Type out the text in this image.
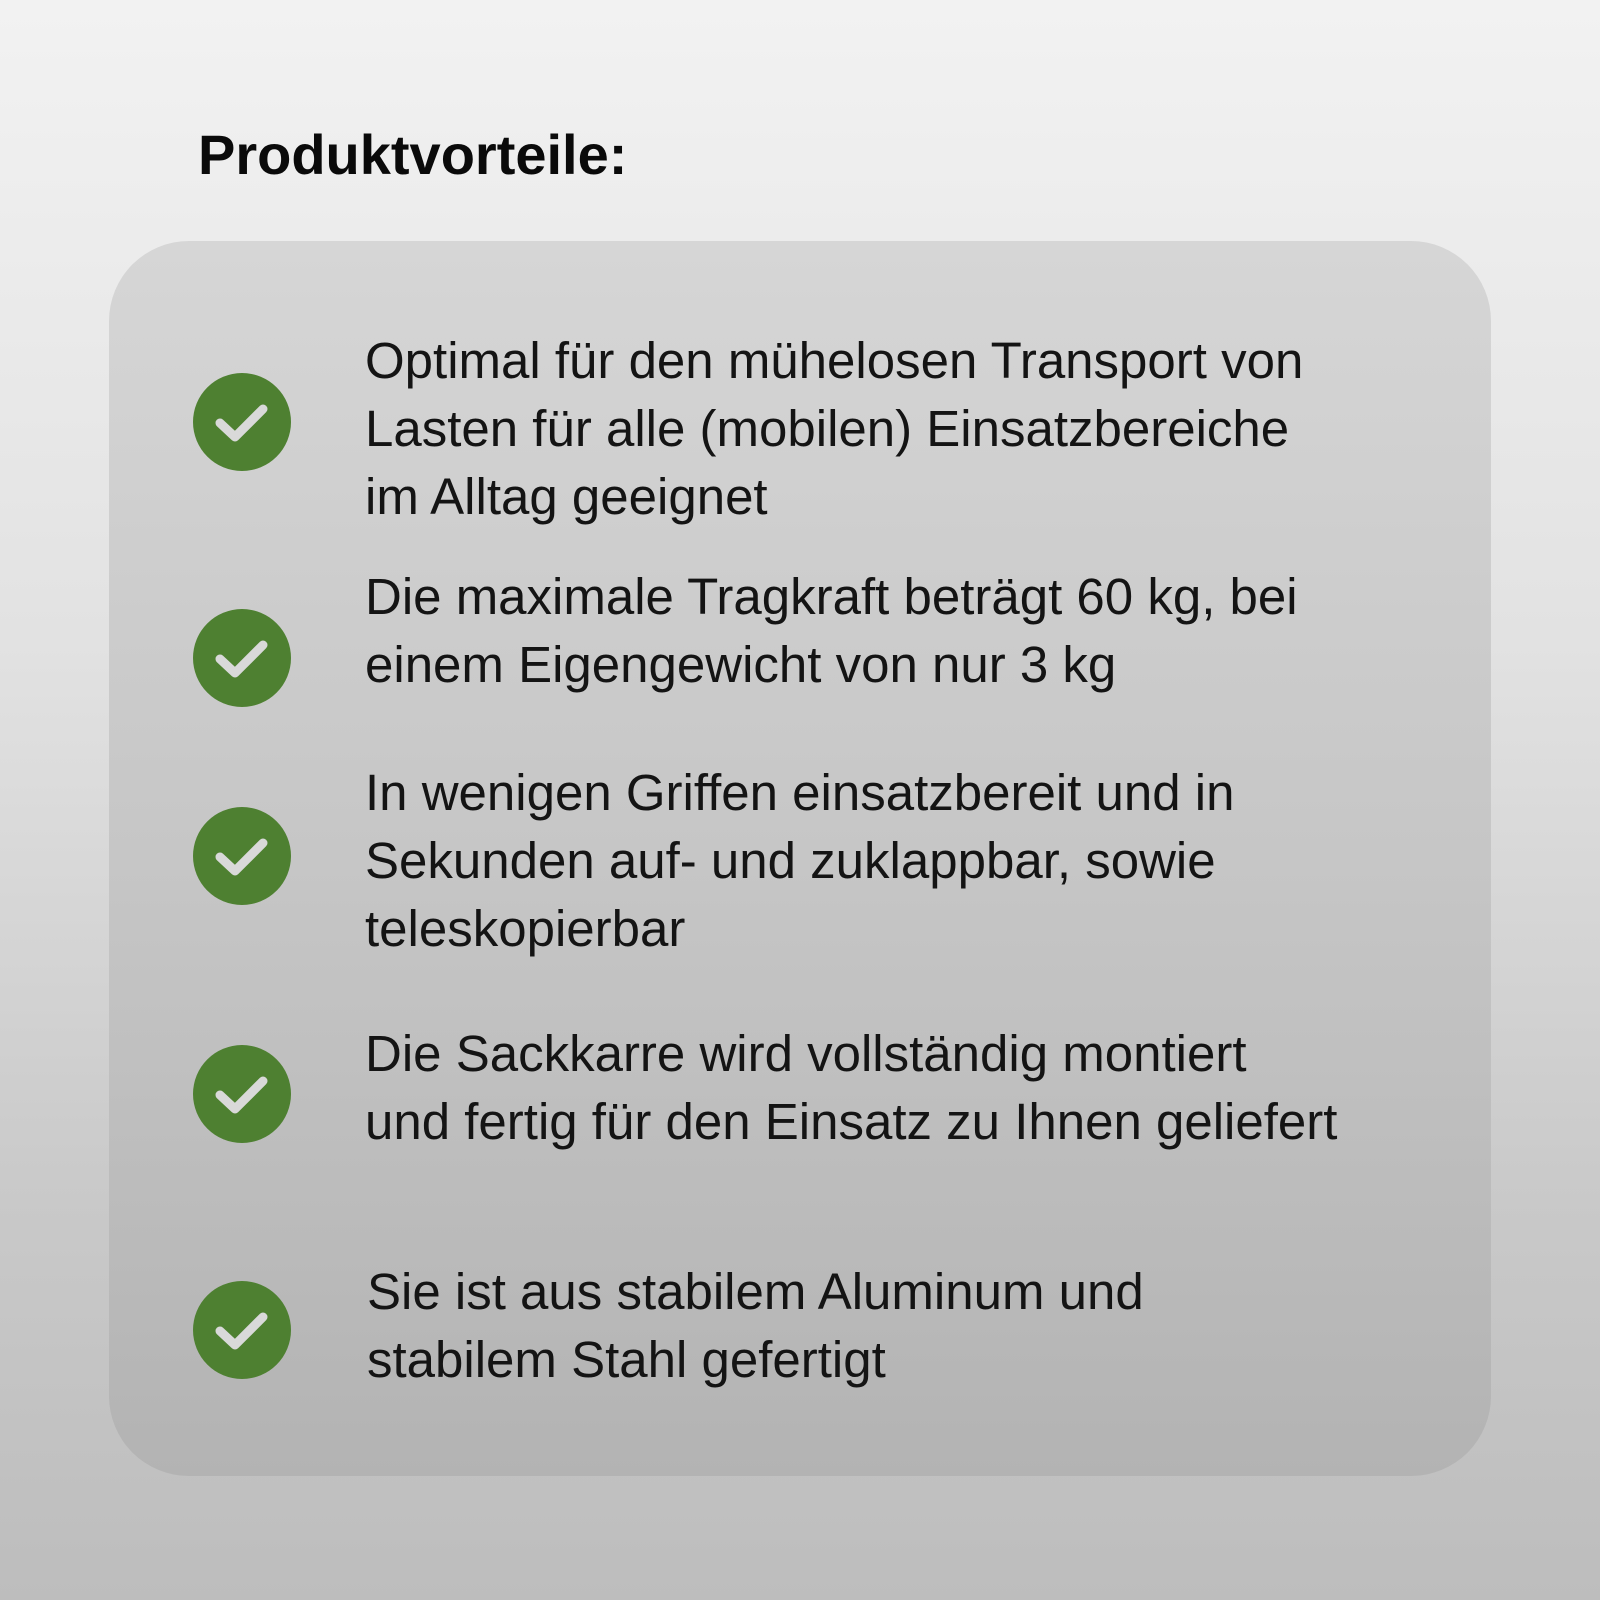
Produktvorteile:
Optimal für den mühelosen Transport von
Lasten für alle (mobilen) Einsatzbereiche
im Alltag geeignet
Die maximale Tragkraft beträgt 60 kg, bei
einem Eigengewicht von nur 3 kg
In wenigen Griffen einsatzbereit und in
Sekunden auf- und zuklappbar, sowie
teleskopierbar
Die Sackkarre wird vollständig montiert
und fertig für den Einsatz zu Ihnen geliefert
Sie ist aus stabilem Aluminum und
stabilem Stahl gefertigt
